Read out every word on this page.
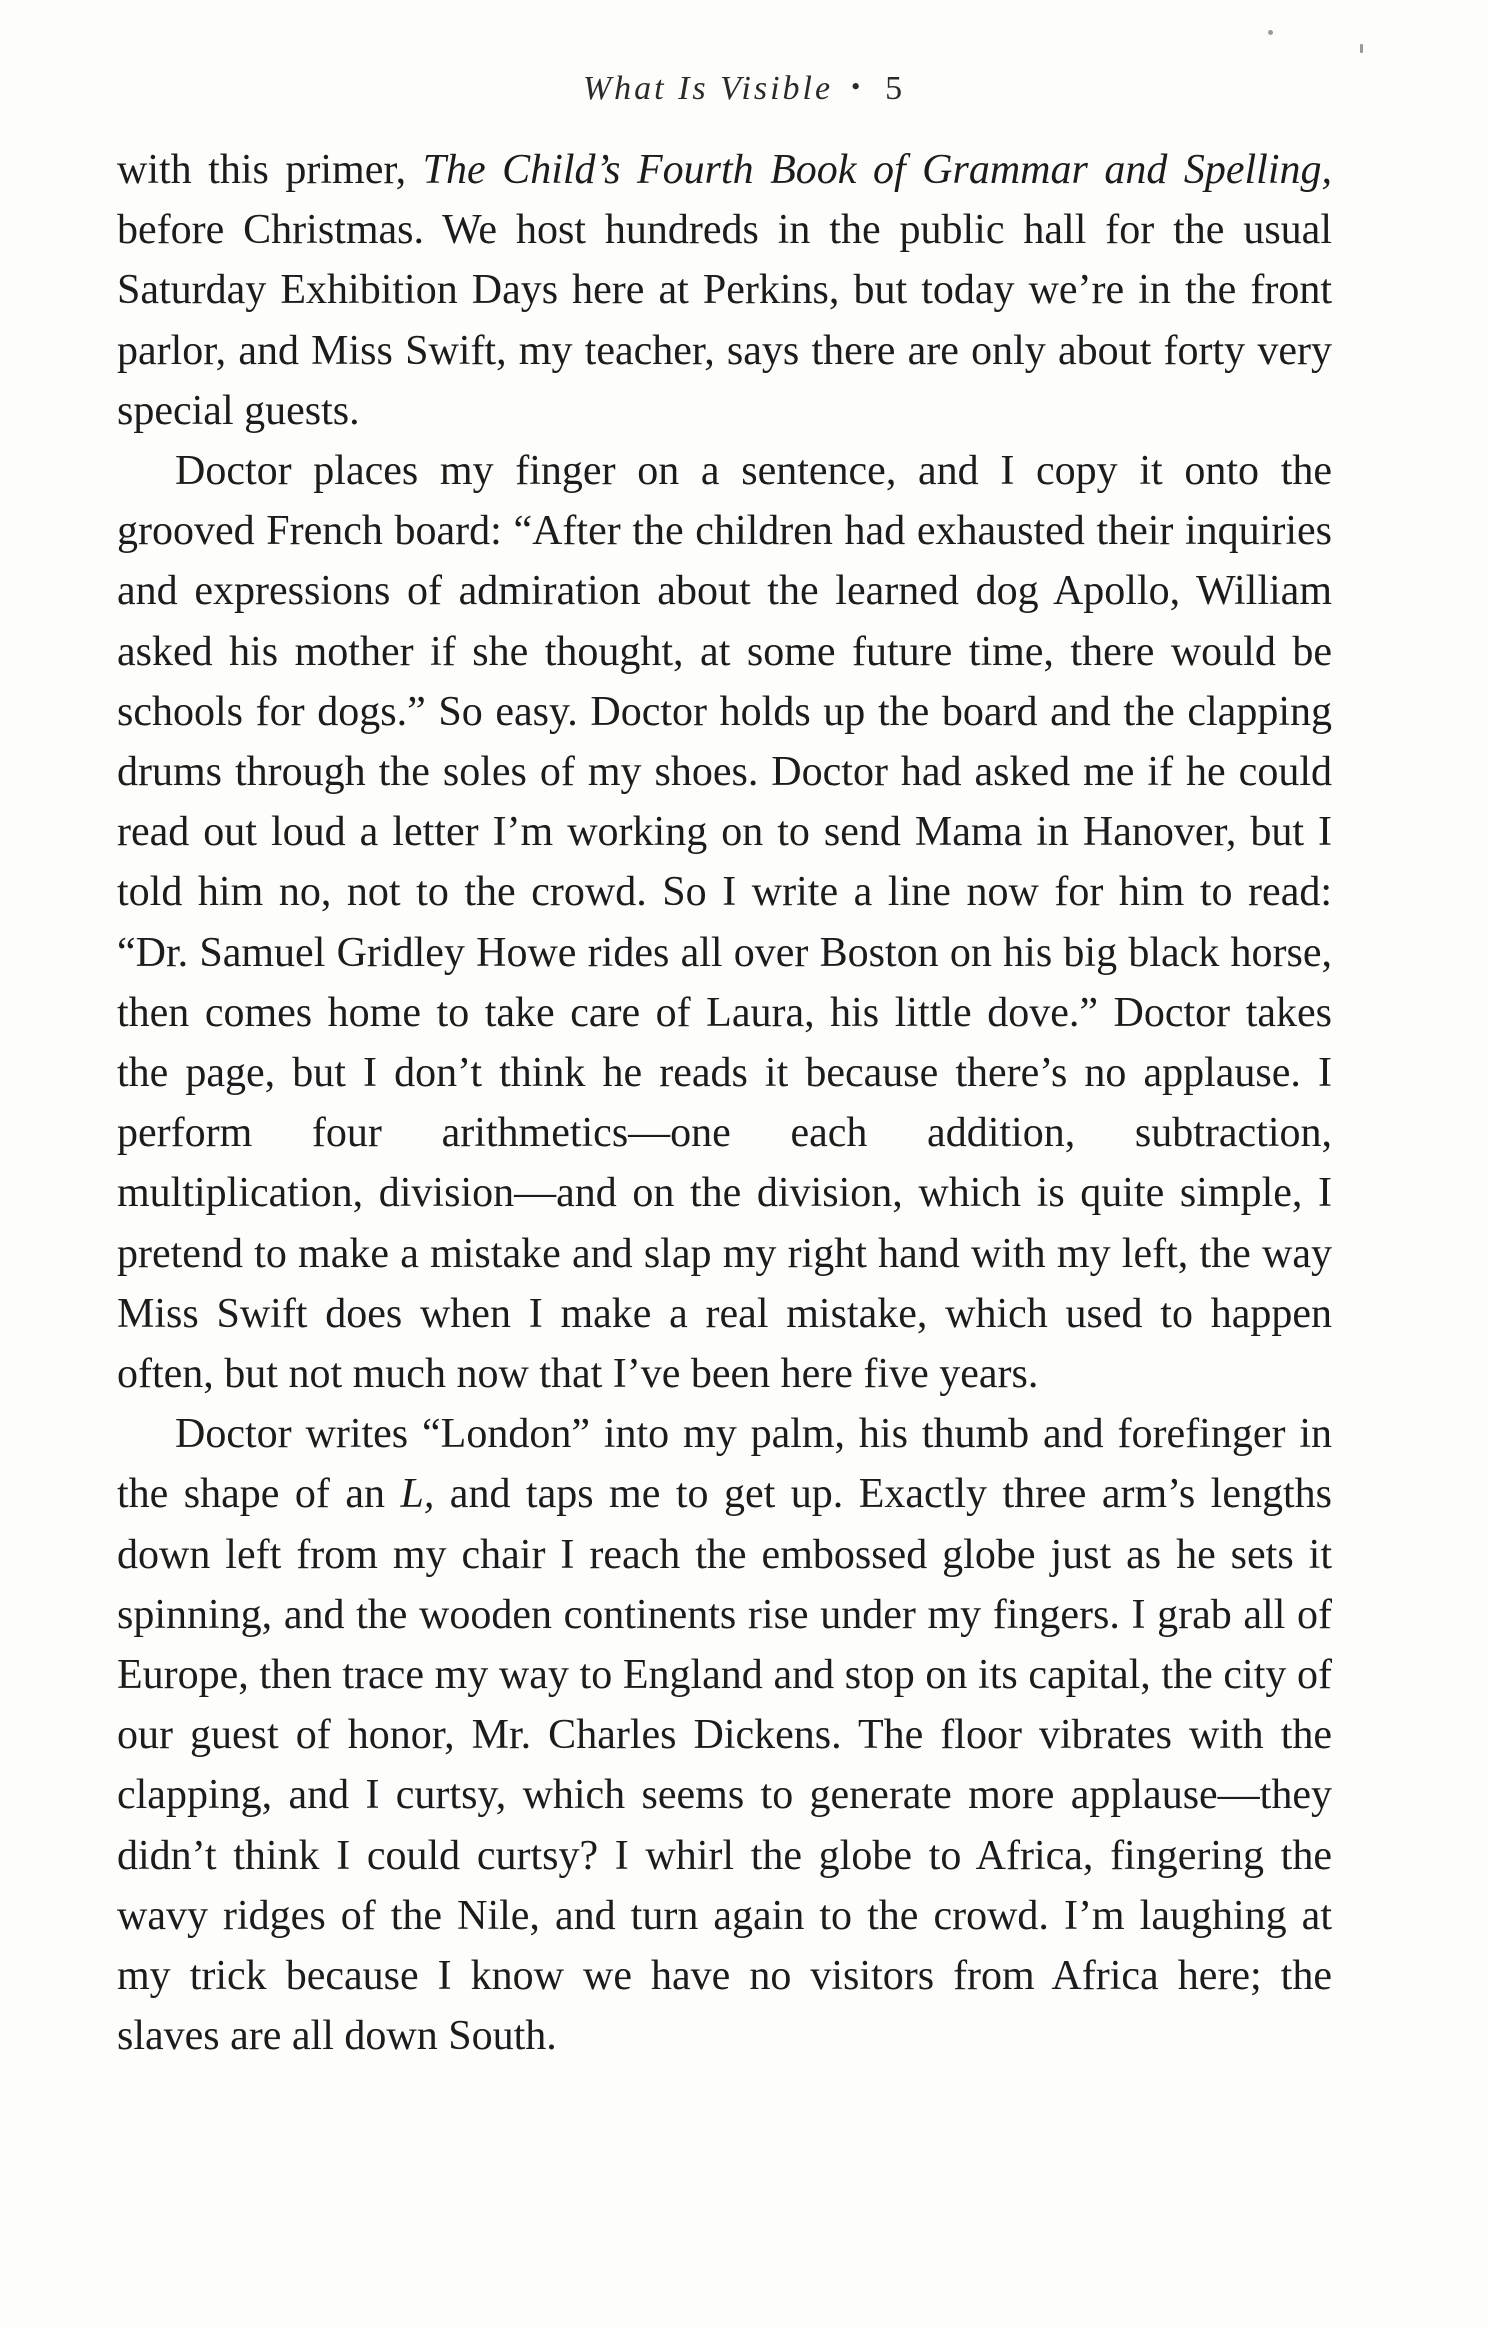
What Is Visible • 5

with this primer, The Child’s Fourth Book of Grammar and Spelling, before Christmas. We host hundreds in the public hall for the usual Saturday Exhibition Days here at Perkins, but today we’re in the front parlor, and Miss Swift, my teacher, says there are only about forty very special guests.

Doctor places my finger on a sentence, and I copy it onto the grooved French board: “After the children had exhausted their inquiries and expressions of admiration about the learned dog Apollo, William asked his mother if she thought, at some future time, there would be schools for dogs.” So easy. Doctor holds up the board and the clapping drums through the soles of my shoes. Doctor had asked me if he could read out loud a letter I’m working on to send Mama in Hanover, but I told him no, not to the crowd. So I write a line now for him to read: “Dr. Samuel Gridley Howe rides all over Boston on his big black horse, then comes home to take care of Laura, his little dove.” Doctor takes the page, but I don’t think he reads it because there’s no applause. I perform four arithmetics—one each addition, subtraction, multiplication, division—and on the division, which is quite simple, I pretend to make a mistake and slap my right hand with my left, the way Miss Swift does when I make a real mistake, which used to happen often, but not much now that I’ve been here five years.

Doctor writes “London” into my palm, his thumb and forefinger in the shape of an L, and taps me to get up. Exactly three arm’s lengths down left from my chair I reach the embossed globe just as he sets it spinning, and the wooden continents rise under my fingers. I grab all of Europe, then trace my way to England and stop on its capital, the city of our guest of honor, Mr. Charles Dickens. The floor vibrates with the clapping, and I curtsy, which seems to generate more applause—they didn’t think I could curtsy? I whirl the globe to Africa, fingering the wavy ridges of the Nile, and turn again to the crowd. I’m laughing at my trick because I know we have no visitors from Africa here; the slaves are all down South.
